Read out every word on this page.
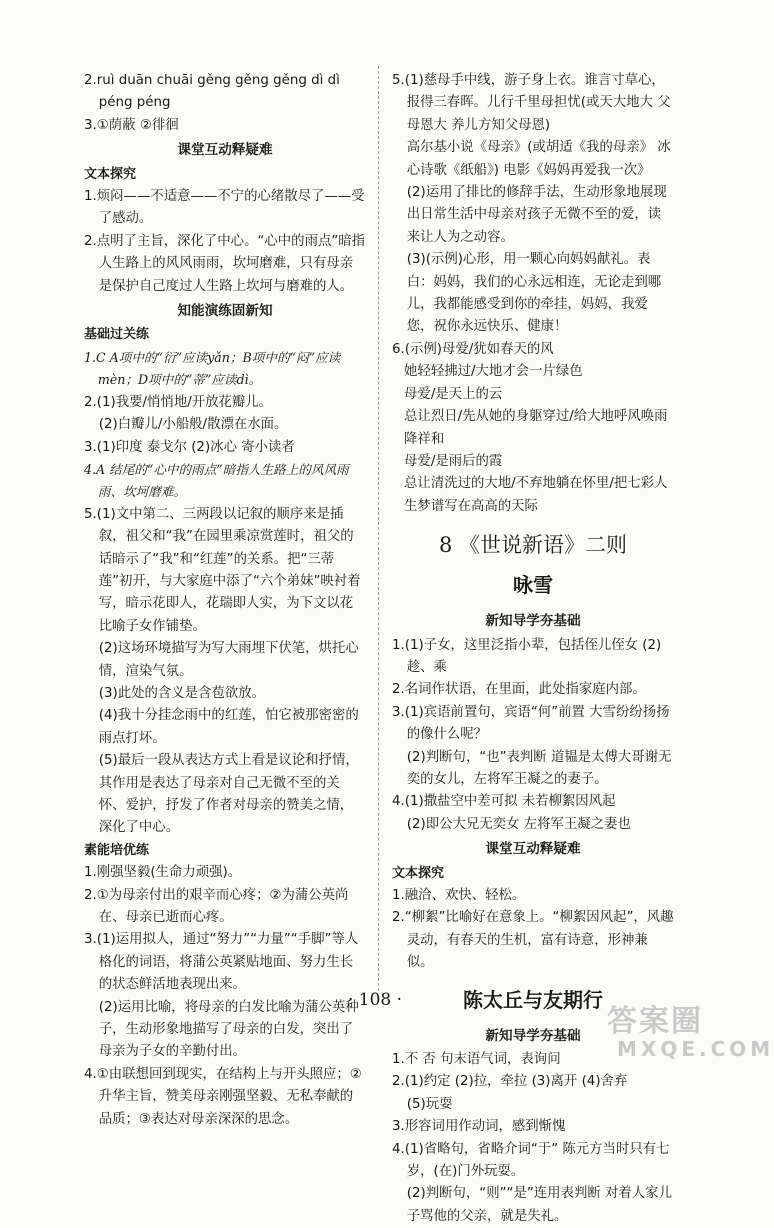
2.ruì duān chuāi gěng gěng gěng dì dì

péng péng

3.①荫蔽 ②徘徊

课堂互动释疑难

文本探究

1.烦闷——不适意——不宁的心绪散尽了——受了感动。

2.点明了主旨，深化了中心。“心中的雨点”暗指人生路上的风风雨雨，坎坷磨难，只有母亲是保护自己度过人生路上坎坷与磨难的人。

知能演练固新知

基础过关练

1.C A项中的“衍”应读yǎn；B项中的“闷”应读mèn；D项中的“蒂”应读dì。

2.(1)我要/悄悄地/开放花瓣儿。

(2)白瓣儿/小船般/散漂在水面。

3.(1)印度 泰戈尔 (2)冰心 寄小读者

4.A 结尾的“心中的雨点”暗指人生路上的风风雨雨、坎坷磨难。

5.(1)文中第二、三两段以记叙的顺序来是插叙，祖父和“我”在园里乘凉赏莲时，祖父的话暗示了“我”和“红莲”的关系。把“三蒂莲”初开，与大家庭中添了“六个弟妹”映衬着写，暗示花即人，花瑞即人实，为下文以花比喻子女作铺垫。

(2)这场环境描写为写大雨埋下伏笔，烘托心情，渲染气氛。

(3)此处的含义是含苞欲放。

(4)我十分挂念雨中的红莲，怕它被那密密的雨点打坏。

(5)最后一段从表达方式上看是议论和抒情，其作用是表达了母亲对自己无微不至的关怀、爱护，抒发了作者对母亲的赞美之情，深化了中心。

素能培优练

1.刚强坚毅(生命力顽强)。

2.①为母亲付出的艰辛而心疼；②为蒲公英尚在、母亲已逝而心疼。

3.(1)运用拟人，通过“努力”“力量”“手脚”等人格化的词语，将蒲公英紧贴地面、努力生长的状态鲜活地表现出来。

(2)运用比喻，将母亲的白发比喻为蒲公英种子，生动形象地描写了母亲的白发，突出了母亲为子女的辛勤付出。

4.①由联想回到现实，在结构上与开头照应；②升华主旨，赞美母亲刚强坚毅、无私奉献的品质；③表达对母亲深深的思念。

5.(1)慈母手中线，游子身上衣。谁言寸草心，报得三春晖。儿行千里母担忧(或天大地大 父母恩大 养儿方知父母恩)

高尔基小说《母亲》(或胡适《我的母亲》 冰心诗歌《纸船》) 电影《妈妈再爱我一次》

(2)运用了排比的修辞手法，生动形象地展现出日常生活中母亲对孩子无微不至的爱，读来让人为之动容。

(3)(示例)心形，用一颗心向妈妈献礼。表白：妈妈，我们的心永远相连，无论走到哪儿，我都能感受到你的牵挂，妈妈，我爱您，祝你永远快乐、健康！

6.(示例)母爱/犹如春天的风

她轻轻拂过/大地才会一片绿色

母爱/是天上的云

总让烈日/先从她的身躯穿过/给大地呼风唤雨降祥和

母爱/是雨后的霞

总让清洗过的大地/不弃地躺在怀里/把七彩人生梦谱写在高高的天际

8 《世说新语》二则

咏雪

新知导学夯基础

1.(1)子女，这里泛指小辈，包括侄儿侄女 (2)趁、乘

2.名词作状语，在里面，此处指家庭内部。

3.(1)宾语前置句，宾语“何”前置 大雪纷纷扬扬的像什么呢？

(2)判断句，“也”表判断 道韫是太傅大哥谢无奕的女儿，左将军王凝之的妻子。

4.(1)撒盐空中差可拟 未若柳絮因风起

(2)即公大兄无奕女 左将军王凝之妻也

课堂互动释疑难

文本探究

1.融洽、欢快、轻松。

2.“柳絮”比喻好在意象上。“柳絮因风起”，风趣灵动，有春天的生机，富有诗意，形神兼似。

陈太丘与友期行

新知导学夯基础

1.不 否 句末语气词，表询问

2.(1)约定 (2)拉，牵拉 (3)离开 (4)舍弃

(5)玩耍

3.形容词用作动词，感到惭愧

4.(1)省略句，省略介词“于” 陈元方当时只有七岁，(在)门外玩耍。

(2)判断句，“则”“是”连用表判断 对着人家儿子骂他的父亲，就是失礼。

· 108 ·
答案圈
MXQE.COM
